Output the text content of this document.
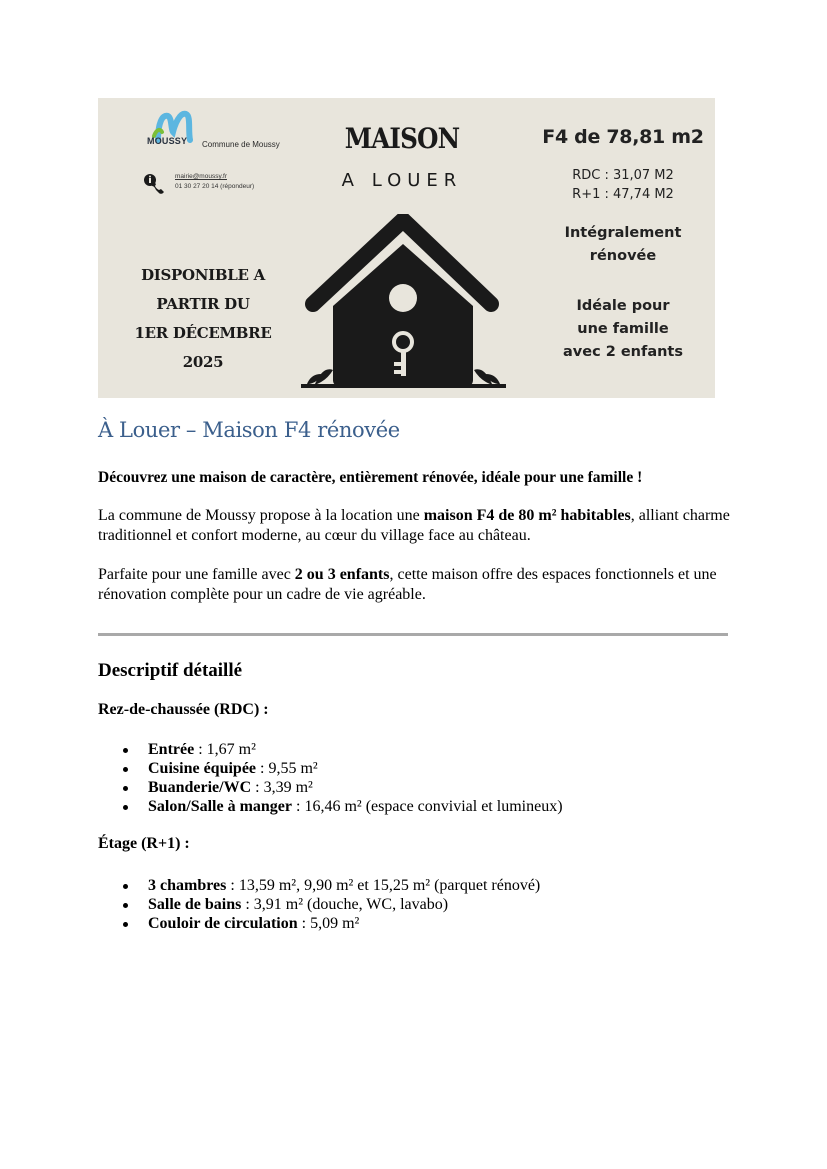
MOUSSY Commune de Moussy
mairie@moussy.fr
01 30 27 20 14 (répondeur)
DISPONIBLE A
PARTIR DU
1ER DÉCEMBRE
2025
MAISON
A LOUER
F4 de 78,81 m2
RDC : 31,07 M2
R+1 : 47,74 M2
Intégralement
rénovée
Idéale pour
une famille
avec 2 enfants
À Louer – Maison F4 rénovée
Découvrez une maison de caractère, entièrement rénovée, idéale pour une famille !
La commune de Moussy propose à la location une maison F4 de 80 m² habitables, alliant charme traditionnel et confort moderne, au cœur du village face au château.
Parfaite pour une famille avec 2 ou 3 enfants, cette maison offre des espaces fonctionnels et une rénovation complète pour un cadre de vie agréable.
Descriptif détaillé
Rez-de-chaussée (RDC) :
Entrée : 1,67 m²
Cuisine équipée : 9,55 m²
Buanderie/WC : 3,39 m²
Salon/Salle à manger : 16,46 m² (espace convivial et lumineux)
Étage (R+1) :
3 chambres : 13,59 m², 9,90 m² et 15,25 m² (parquet rénové)
Salle de bains : 3,91 m² (douche, WC, lavabo)
Couloir de circulation : 5,09 m²
